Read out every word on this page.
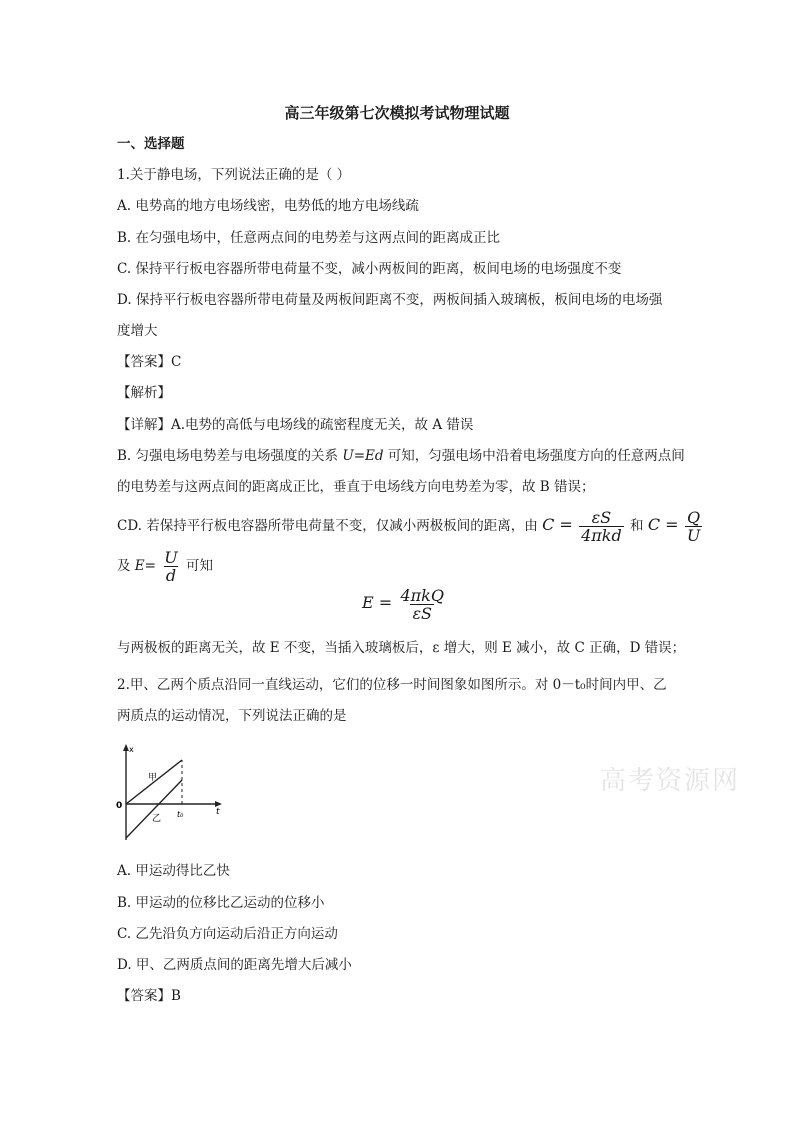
高三年级第七次模拟考试物理试题
一、选择题
1.关于静电场，下列说法正确的是（ ）
A. 电势高的地方电场线密，电势低的地方电场线疏
B. 在匀强电场中，任意两点间的电势差与这两点间的距离成正比
C. 保持平行板电容器所带电荷量不变，减小两板间的距离，板间电场的电场强度不变
D. 保持平行板电容器所带电荷量及两板间距离不变，两板间插入玻璃板，板间电场的电场强
度增大
【答案】C
【解析】
【详解】A.电势的高低与电场线的疏密程度无关，故 A 错误
B. 匀强电场电势差与电场强度的关系 U=Ed 可知，匀强电场中沿着电场强度方向的任意两点间
的电势差与这两点间的距离成正比，垂直于电场线方向电势差为零，故 B 错误；
CD. 若保持平行板电容器所带电荷量不变，仅减小两极板间的距离，由 $C = \frac{\varepsilon S}{\text{4πkd}}$ 和 $C = \frac{Q}{U}$
及 $E= \frac{U}{d}$ 可知
$E = \frac{\text{4πkQ}}{\varepsilon S}$
与两极板的距离无关，故 E 不变，当插入玻璃板后，ε 增大，则 E 减小，故 C 正确，D 错误；
2.甲、乙两个质点沿同一直线运动，它们的位移一时间图象如图所示。对 0－t₀时间内甲、乙
两质点的运动情况，下列说法正确的是
x
t
0
t₀
甲
乙
高考资源网
A. 甲运动得比乙快
B. 甲运动的位移比乙运动的位移小
C. 乙先沿负方向运动后沿正方向运动
D. 甲、乙两质点间的距离先增大后减小
【答案】B
